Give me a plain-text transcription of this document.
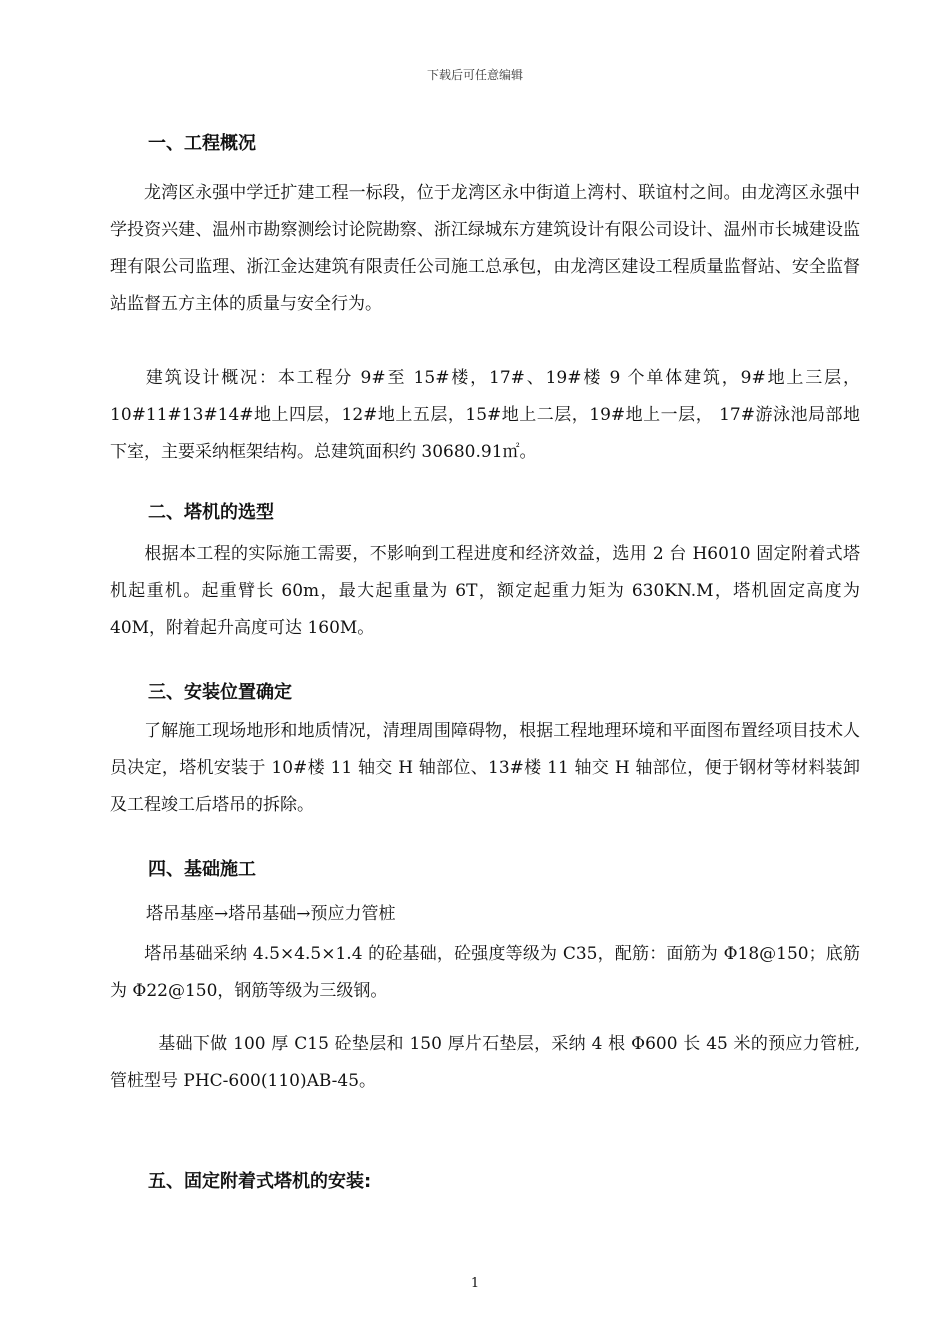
下载后可任意编辑
一、工程概况

龙湾区永强中学迁扩建工程一标段，位于龙湾区永中街道上湾村、联谊村之间。由龙湾区永强中学投资兴建、温州市勘察测绘讨论院勘察、浙江绿城东方建筑设计有限公司设计、温州市长城建设监理有限公司监理、浙江金达建筑有限责任公司施工总承包，由龙湾区建设工程质量监督站、安全监督站监督五方主体的质量与安全行为。

建筑设计概况：本工程分 9#至 15#楼，17#、19#楼 9 个单体建筑，9#地上三层，10#11#13#14#地上四层，12#地上五层，15#地上二层，19#地上一层， 17#游泳池局部地下室，主要采纳框架结构。总建筑面积约 30680.91㎡。

二、塔机的选型

根据本工程的实际施工需要，不影响到工程进度和经济效益，选用 2 台 H6010 固定附着式塔机起重机。起重臂长 60m，最大起重量为 6T，额定起重力矩为 630KN.M，塔机固定高度为 40M，附着起升高度可达 160M。

三、安装位置确定

了解施工现场地形和地质情况，清理周围障碍物，根据工程地理环境和平面图布置经项目技术人员决定，塔机安装于 10#楼 11 轴交 H 轴部位、13#楼 11 轴交 H 轴部位，便于钢材等材料装卸及工程竣工后塔吊的拆除。

四、基础施工
塔吊基座→塔吊基础→预应力管桩

塔吊基础采纳 4.5×4.5×1.4 的砼基础，砼强度等级为 C35，配筋：面筋为 Φ18@150；底筋为 Φ22@150，钢筋等级为三级钢。

基础下做 100 厚 C15 砼垫层和 150 厚片石垫层，采纳 4 根 Φ600 长 45 米的预应力管桩,管桩型号 PHC-600(110)AB-45。

五、固定附着式塔机的安装:
1
